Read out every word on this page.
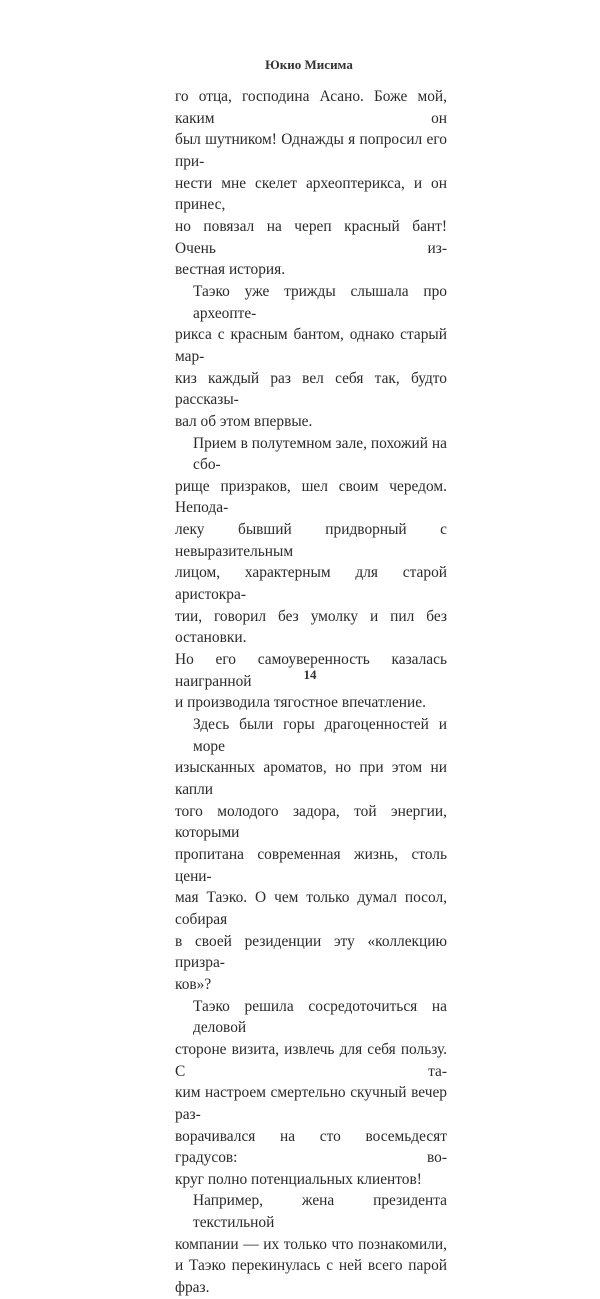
Юкио Мисима
го отца, господина Асано. Боже мой, каким он
был шутником! Однажды я попросил его при-
нести мне скелет археоптерикса, и он принес,
но повязал на череп красный бант! Очень из-
вестная история.
Таэко уже трижды слышала про археопте-
рикса с красным бантом, однако старый мар-
киз каждый раз вел себя так, будто рассказы-
вал об этом впервые.
Прием в полутемном зале, похожий на сбо-
рище призраков, шел своим чередом. Непода-
леку бывший придворный с невыразительным
лицом, характерным для старой аристокра-
тии, говорил без умолку и пил без остановки.
Но его самоуверенность казалась наигранной
и производила тягостное впечатление.
Здесь были горы драгоценностей и море
изысканных ароматов, но при этом ни капли
того молодого задора, той энергии, которыми
пропитана современная жизнь, столь цени-
мая Таэко. О чем только думал посол, собирая
в своей резиденции эту «коллекцию призра-
ков»?
Таэко решила сосредоточиться на деловой
стороне визита, извлечь для себя пользу. С та-
ким настроем смертельно скучный вечер раз-
ворачивался на сто восемьдесят градусов: во-
круг полно потенциальных клиентов!
Например, жена президента текстильной
компании — их только что познакомили,
и Таэко перекинулась с ней всего парой фраз.
14
